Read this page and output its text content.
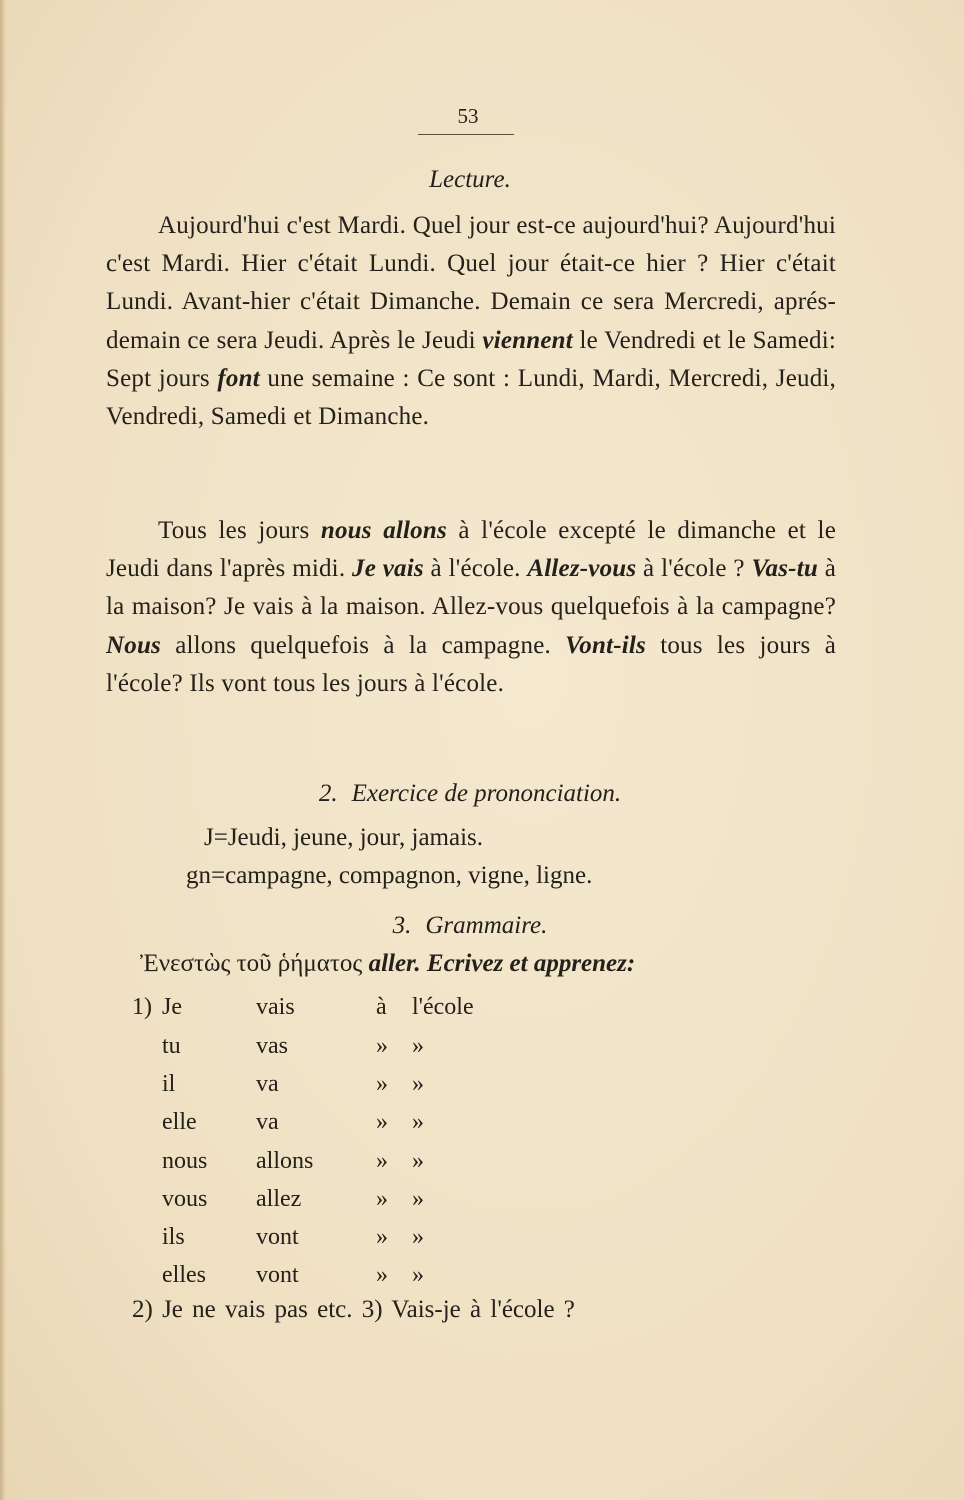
53
Lecture.
Aujourd'hui c'est Mardi. Quel jour est-ce aujourd'hui? Aujourd'hui c'est Mardi. Hier c'était Lundi. Quel jour était-ce hier ? Hier c'était Lundi. Avant-hier c'était Dimanche. Demain ce sera Mercredi, aprés-demain ce sera Jeudi. Après le Jeudi viennent le Vendredi et le Samedi: Sept jours font une semaine : Ce sont : Lundi, Mardi, Mercredi, Jeudi, Vendredi, Samedi et Dimanche.
Tous les jours nous allons à l'école excepté le dimanche et le Jeudi dans l'après midi. Je vais à l'école. Allez-vous à l'école ? Vas-tu à la maison? Je vais à la maison. Allez-vous quelquefois à la campagne? Nous allons quelquefois à la campagne. Vont-ils tous les jours à l'école? Ils vont tous les jours à l'école.
2. Exercice de prononciation.
J=Jeudi, jeune, jour, jamais.
gn=campagne, compagnon, vigne, ligne.
3. Grammaire.
Ἐνεστὼς τοῦ ῥήματος aller. Ecrivez et apprenez:
1) Je	vais	à l'école
tu	vas	» »
il	va	» »
elle va	» »
nous allons	» »
vous allez	» »
ils	vont	» »
elles vont	» »
2) Je ne vais pas etc. 3) Vais-je à l'école ?
